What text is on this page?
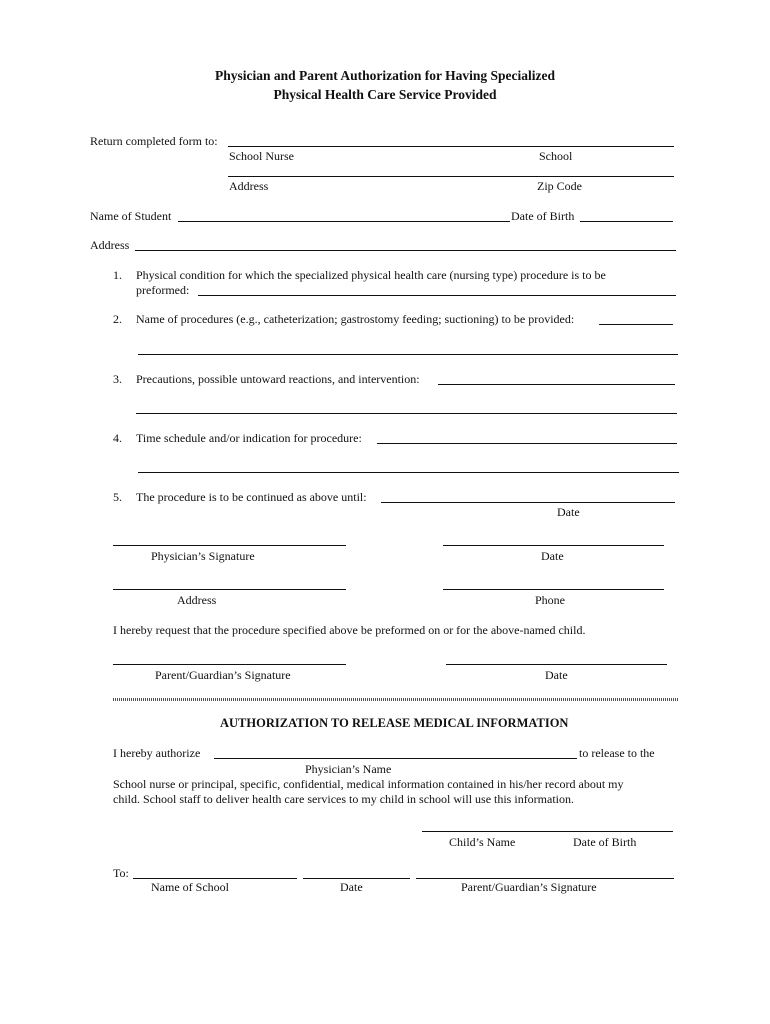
Physician and Parent Authorization for Having Specialized
Physical Health Care Service Provided
Return completed form to:
School Nurse	School
Address	Zip Code
Name of Student	Date of Birth
Address
1. Physical condition for which the specialized physical health care (nursing type) procedure is to be
preformed:
2. Name of procedures (e.g., catheterization; gastrostomy feeding; suctioning) to be provided:
3. Precautions, possible untoward reactions, and intervention:
4. Time schedule and/or indication for procedure:
5. The procedure is to be continued as above until:
Date
Physician’s Signature	Date
Address	Phone
I hereby request that the procedure specified above be preformed on or for the above-named child.
Parent/Guardian’s Signature	Date
AUTHORIZATION TO RELEASE MEDICAL INFORMATION
I hereby authorize	to release to the
Physician’s Name
School nurse or principal, specific, confidential, medical information contained in his/her record about my
child. School staff to deliver health care services to my child in school will use this information.
Child’s Name	Date of Birth
To:
Name of School	Date	Parent/Guardian’s Signature
